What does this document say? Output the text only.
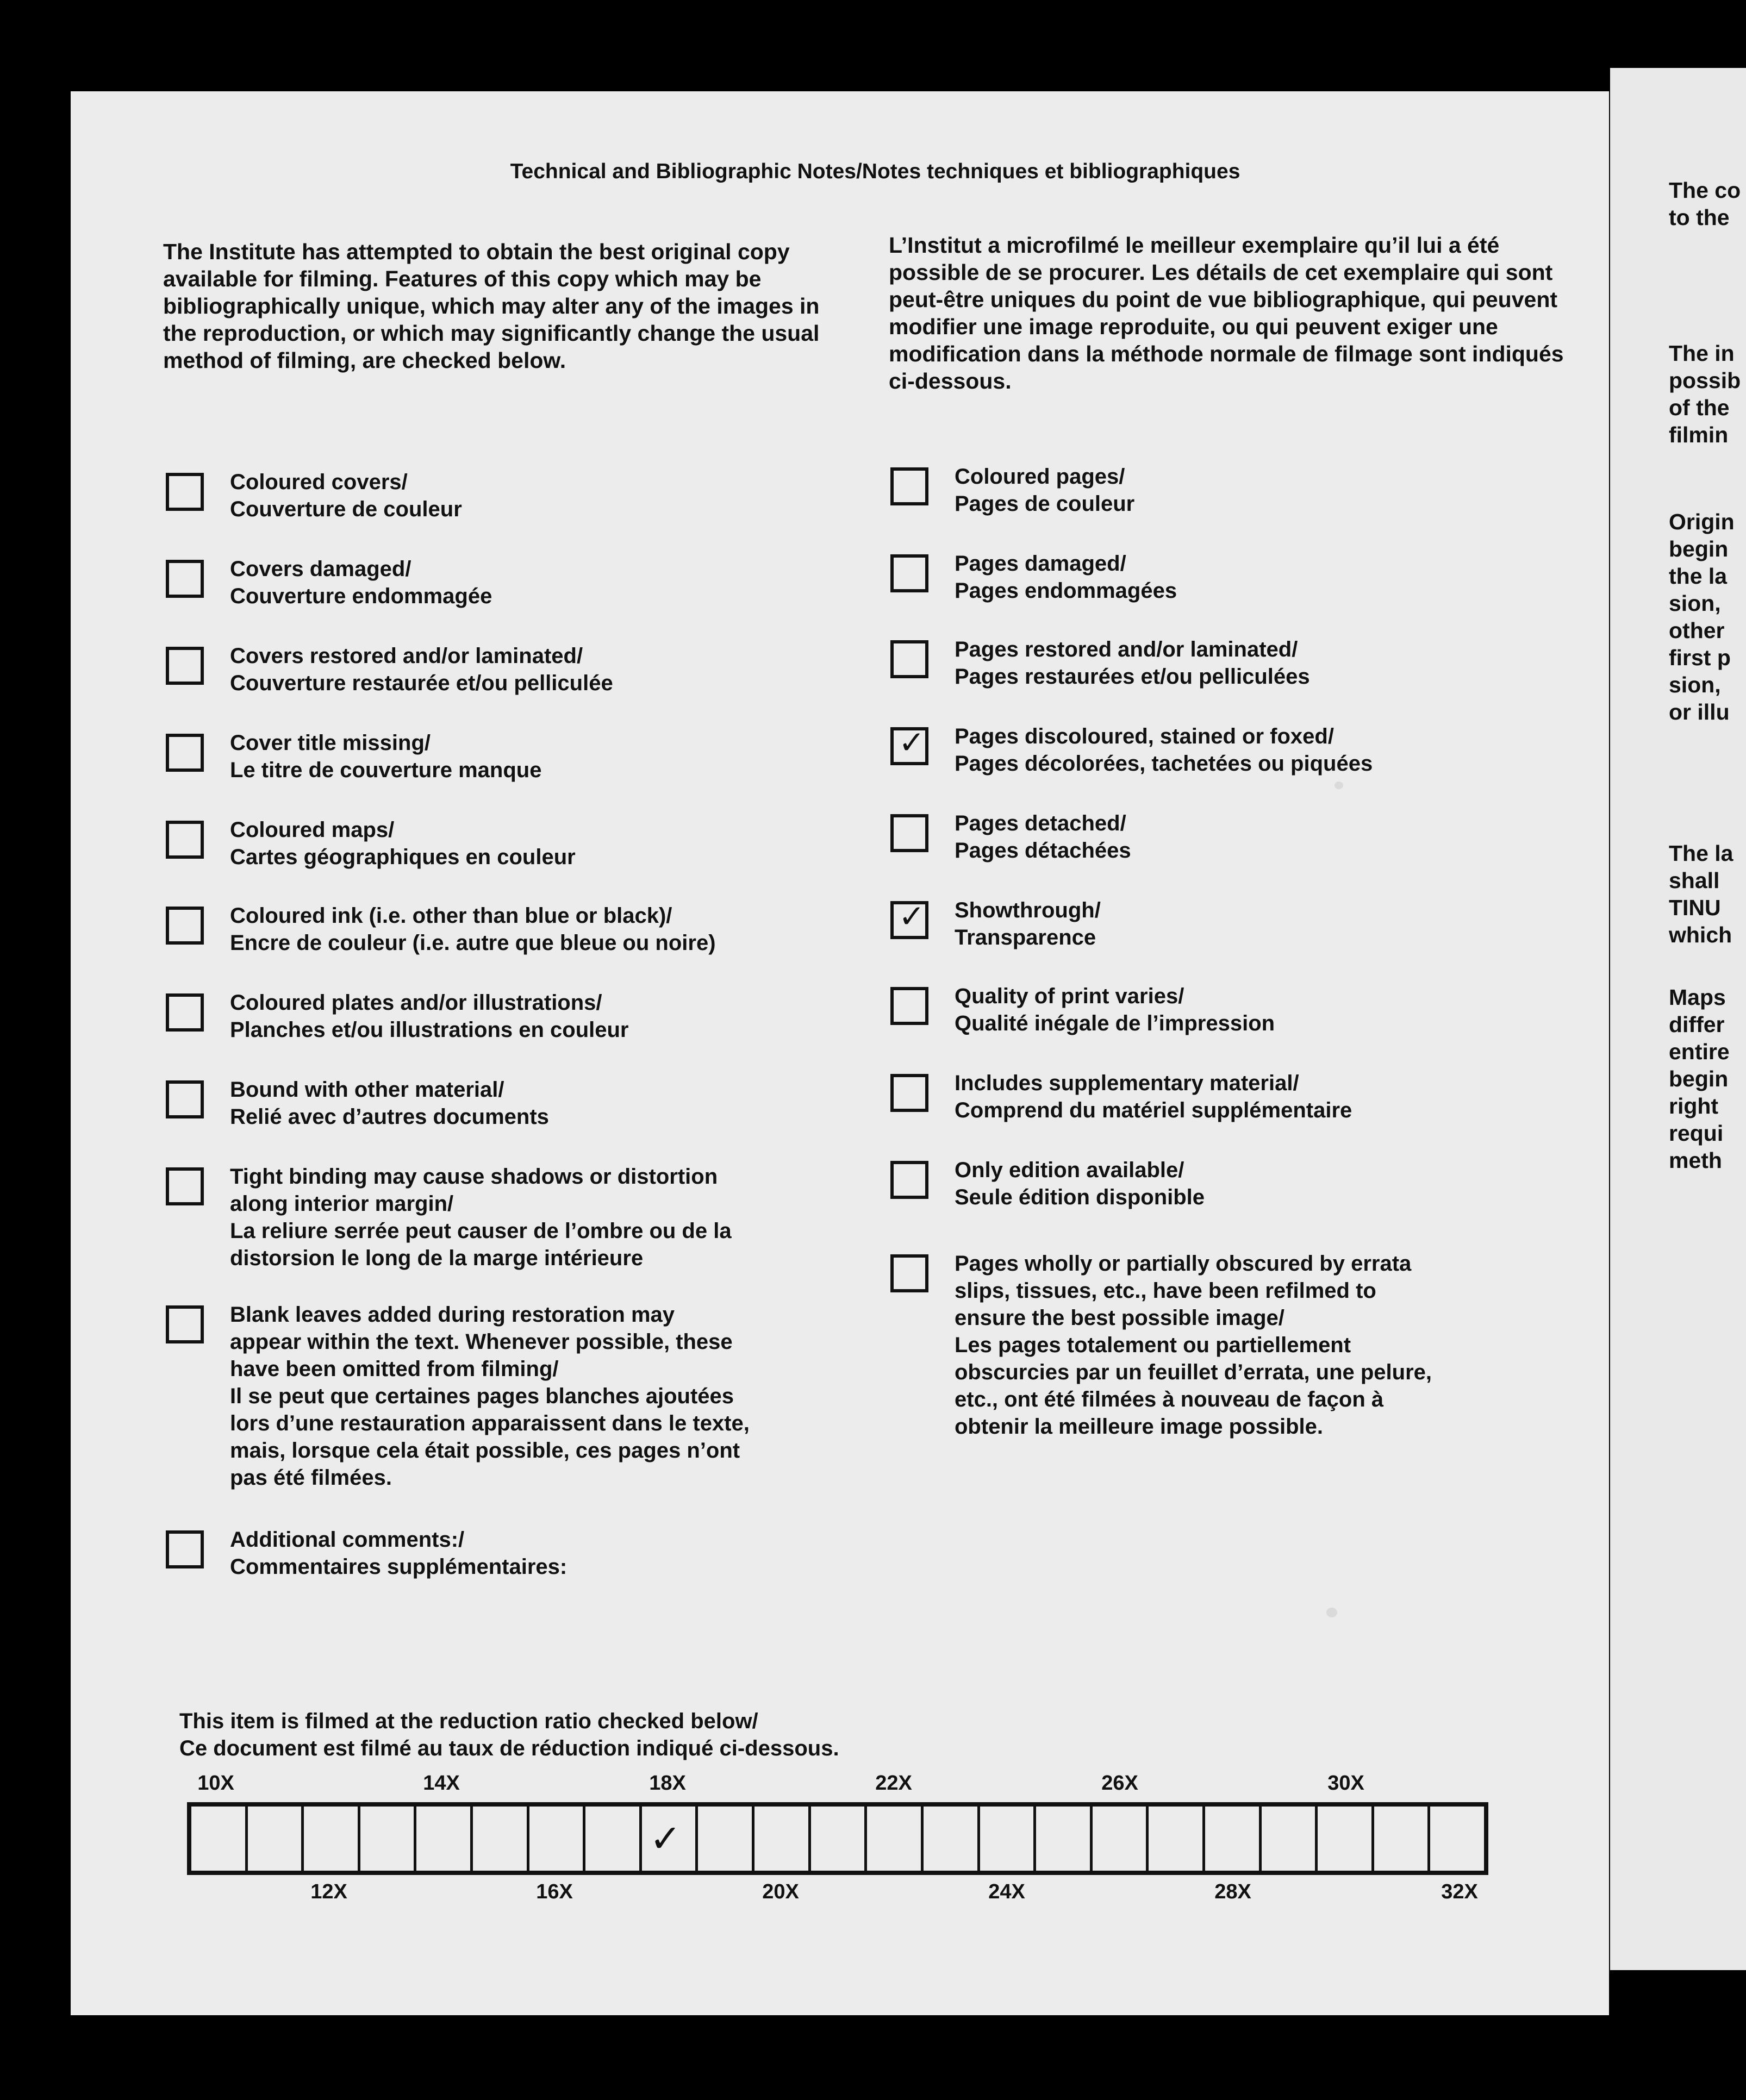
Technical and Bibliographic Notes/Notes techniques et bibliographiques

The Institute has attempted to obtain the best original copy available for filming. Features of this copy which may be bibliographically unique, which may alter any of the images in the reproduction, or which may significantly change the usual method of filming, are checked below.

L’Institut a microfilmé le meilleur exemplaire qu’il lui a été possible de se procurer. Les détails de cet exemplaire qui sont peut-être uniques du point de vue bibliographique, qui peuvent modifier une image reproduite, ou qui peuvent exiger une modification dans la méthode normale de filmage sont indiqués ci-dessous.

Coloured covers/
Couverture de couleur
Covers damaged/
Couverture endommagée
Covers restored and/or laminated/
Couverture restaurée et/ou pelliculée
Cover title missing/
Le titre de couverture manque
Coloured maps/
Cartes géographiques en couleur
Coloured ink (i.e. other than blue or black)/
Encre de couleur (i.e. autre que bleue ou noire)
Coloured plates and/or illustrations/
Planches et/ou illustrations en couleur
Bound with other material/
Relié avec d’autres documents
Tight binding may cause shadows or distortion
along interior margin/
La reliure serrée peut causer de l’ombre ou de la
distorsion le long de la marge intérieure
Blank leaves added during restoration may
appear within the text. Whenever possible, these
have been omitted from filming/
Il se peut que certaines pages blanches ajoutées
lors d’une restauration apparaissent dans le texte,
mais, lorsque cela était possible, ces pages n’ont
pas été filmées.
Additional comments:/
Commentaires supplémentaires:
Coloured pages/
Pages de couleur
Pages damaged/
Pages endommagées
Pages restored and/or laminated/
Pages restaurées et/ou pelliculées
✓ Pages discoloured, stained or foxed/
Pages décolorées, tachetées ou piquées
Pages detached/
Pages détachées
✓ Showthrough/
Transparence
Quality of print varies/
Qualité inégale de l’impression
Includes supplementary material/
Comprend du matériel supplémentaire
Only edition available/
Seule édition disponible
Pages wholly or partially obscured by errata
slips, tissues, etc., have been refilmed to
ensure the best possible image/
Les pages totalement ou partiellement
obscurcies par un feuillet d’errata, une pelure,
etc., ont été filmées à nouveau de façon à
obtenir la meilleure image possible.
This item is filmed at the reduction ratio checked below/
Ce document est filmé au taux de réduction indiqué ci-dessous.
10X	14X	18X	22X	26X	30X
✓
12X	16X	20X	24X	28X	32X
The co
to the
The in
possib
of the
filmin
Origin
begin
the la
sion,
other
first p
sion,
or illu
The la
shall
TINU
which
Maps
differ
entire
begin
right
requi
meth
